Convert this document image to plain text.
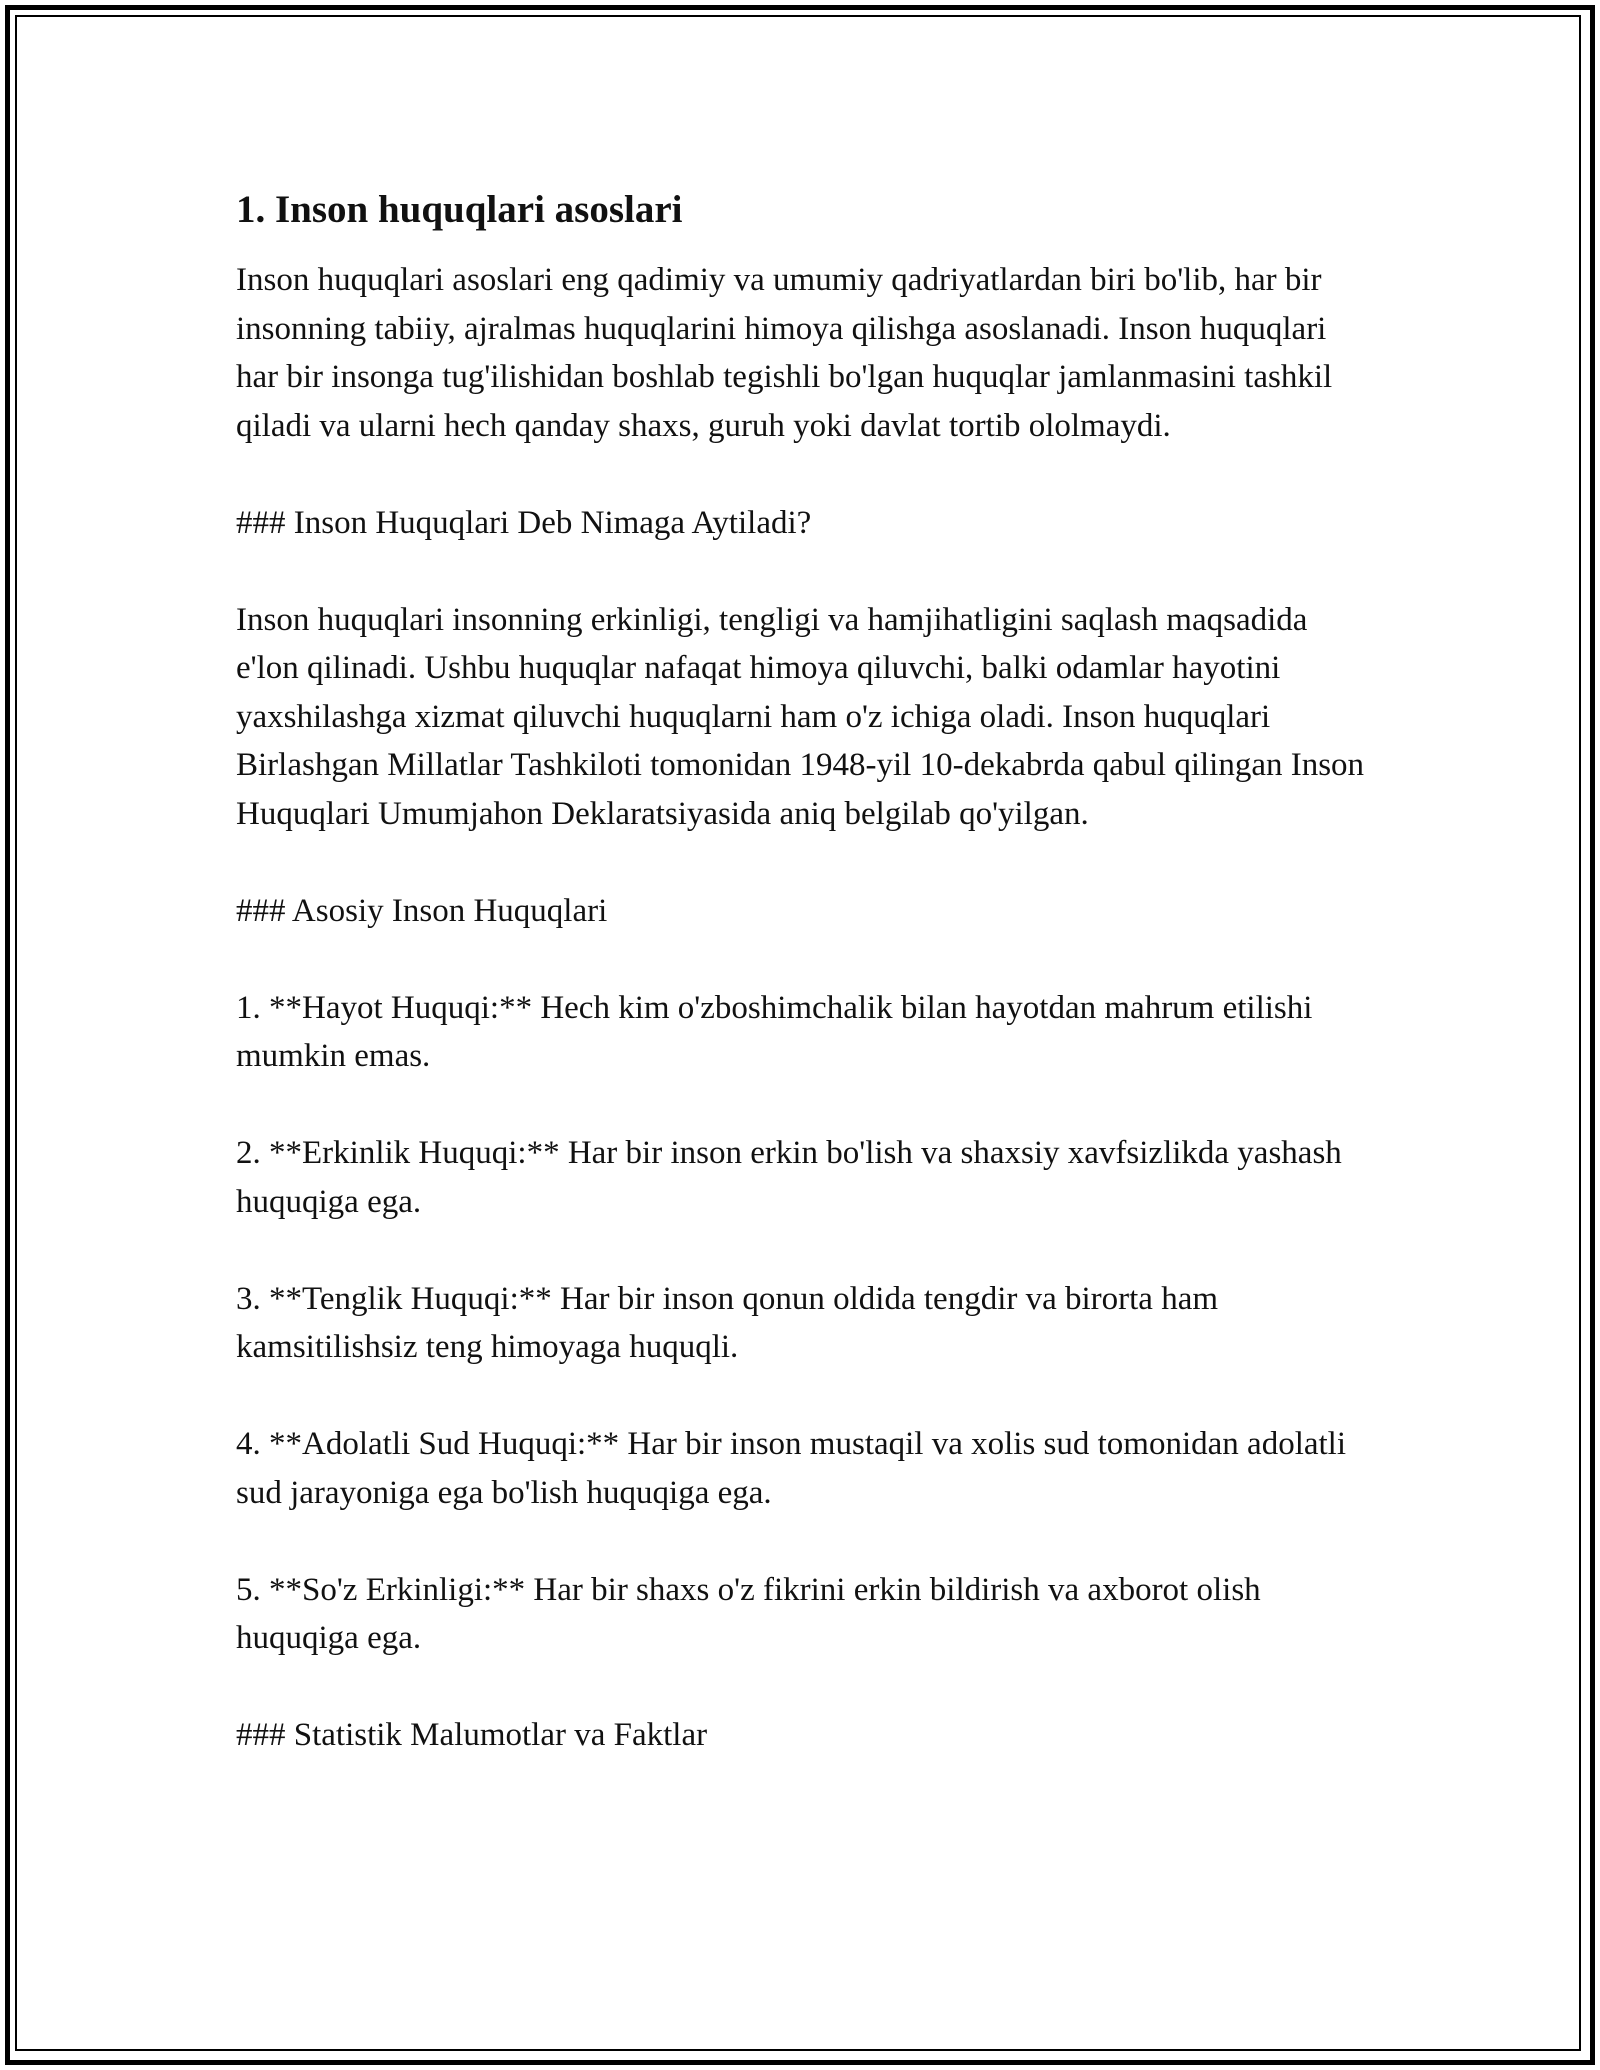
1. Inson huquqlari asoslari

Inson huquqlari asoslari eng qadimiy va umumiy qadriyatlardan biri bo'lib, har bir insonning tabiiy, ajralmas huquqlarini himoya qilishga asoslanadi. Inson huquqlari har bir insonga tug'ilishidan boshlab tegishli bo'lgan huquqlar jamlanmasini tashkil qiladi va ularni hech qanday shaxs, guruh yoki davlat tortib ololmaydi.

### Inson Huquqlari Deb Nimaga Aytiladi?

Inson huquqlari insonning erkinligi, tengligi va hamjihatligini saqlash maqsadida e'lon qilinadi. Ushbu huquqlar nafaqat himoya qiluvchi, balki odamlar hayotini yaxshilashga xizmat qiluvchi huquqlarni ham o'z ichiga oladi. Inson huquqlari Birlashgan Millatlar Tashkiloti tomonidan 1948-yil 10-dekabrda qabul qilingan Inson Huquqlari Umumjahon Deklaratsiyasida aniq belgilab qo'yilgan.

### Asosiy Inson Huquqlari

1. **Hayot Huquqi:** Hech kim o'zboshimchalik bilan hayotdan mahrum etilishi mumkin emas.

2. **Erkinlik Huquqi:** Har bir inson erkin bo'lish va shaxsiy xavfsizlikda yashash huquqiga ega.

3. **Tenglik Huquqi:** Har bir inson qonun oldida tengdir va birorta ham kamsitilishsiz teng himoyaga huquqli.

4. **Adolatli Sud Huquqi:** Har bir inson mustaqil va xolis sud tomonidan adolatli sud jarayoniga ega bo'lish huquqiga ega.

5. **So'z Erkinligi:** Har bir shaxs o'z fikrini erkin bildirish va axborot olish huquqiga ega.

### Statistik Malumotlar va Faktlar
